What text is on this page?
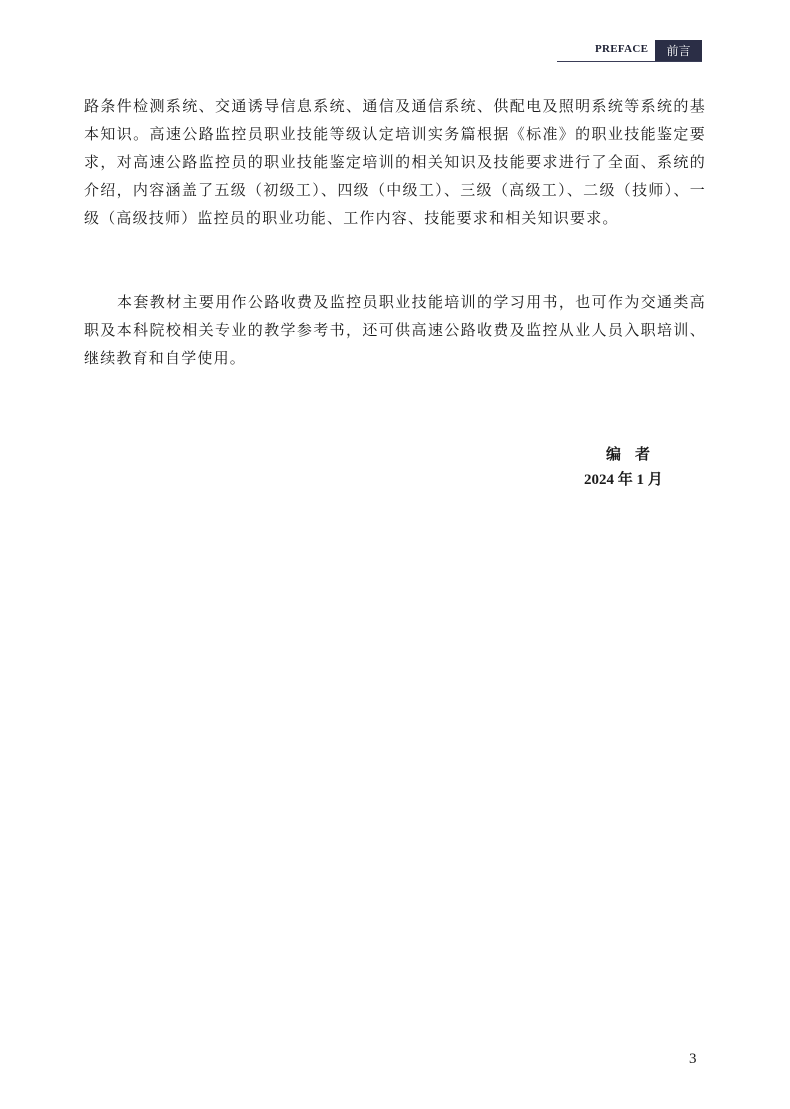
PREFACE	前言

路条件检测系统、交通诱导信息系统、通信及通信系统、供配电及照明系统等系统的基本知识。高速公路监控员职业技能等级认定培训实务篇根据《标准》的职业技能鉴定要求，对高速公路监控员的职业技能鉴定培训的相关知识及技能要求进行了全面、系统的介绍，内容涵盖了五级（初级工）、四级（中级工）、三级（高级工）、二级（技师）、一级（高级技师）监控员的职业功能、工作内容、技能要求和相关知识要求。

本套教材主要用作公路收费及监控员职业技能培训的学习用书，也可作为交通类高职及本科院校相关专业的教学参考书，还可供高速公路收费及监控从业人员入职培训、继续教育和自学使用。

编者
2024 年 1 月
3
